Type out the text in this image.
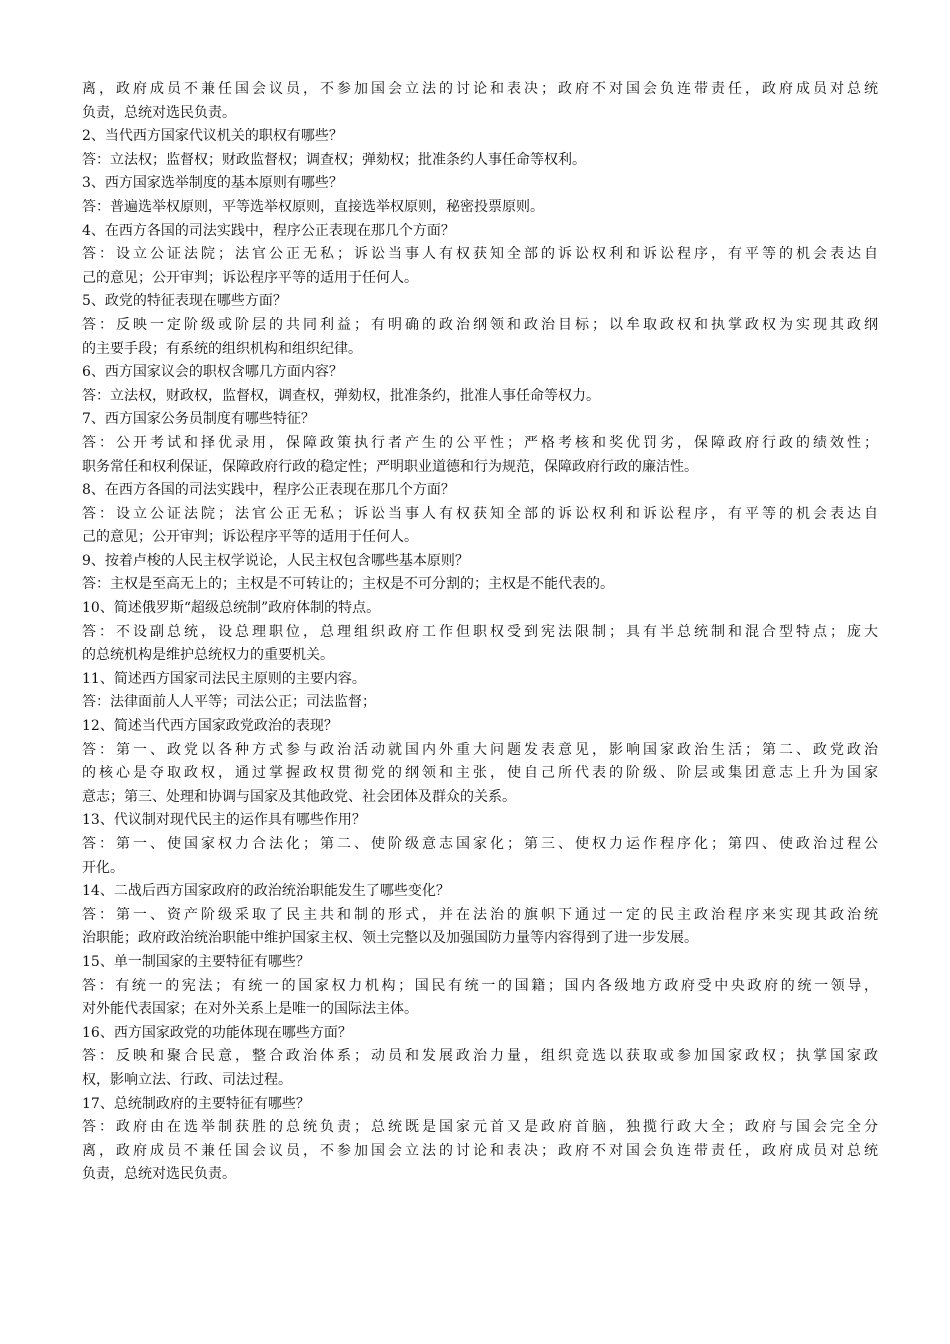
离，政府成员不兼任国会议员，不参加国会立法的讨论和表决；政府不对国会负连带责任，政府成员对总统
负责，总统对选民负责。
2、当代西方国家代议机关的职权有哪些？
答：立法权；监督权；财政监督权；调查权；弹劾权；批准条约人事任命等权利。
3、西方国家选举制度的基本原则有哪些？
答：普遍选举权原则，平等选举权原则，直接选举权原则，秘密投票原则。
4、在西方各国的司法实践中，程序公正表现在那几个方面？
答：设立公证法院；法官公正无私；诉讼当事人有权获知全部的诉讼权利和诉讼程序，有平等的机会表达自
己的意见；公开审判；诉讼程序平等的适用于任何人。
5、政党的特征表现在哪些方面？
答：反映一定阶级或阶层的共同利益；有明确的政治纲领和政治目标；以牟取政权和执掌政权为实现其政纲
的主要手段；有系统的组织机构和组织纪律。
6、西方国家议会的职权含哪几方面内容？
答：立法权，财政权，监督权，调查权，弹劾权，批准条约，批准人事任命等权力。
7、西方国家公务员制度有哪些特征？
答：公开考试和择优录用，保障政策执行者产生的公平性；严格考核和奖优罚劣，保障政府行政的绩效性；
职务常任和权利保证，保障政府行政的稳定性；严明职业道德和行为规范，保障政府行政的廉洁性。
8、在西方各国的司法实践中，程序公正表现在那几个方面？
答：设立公证法院；法官公正无私；诉讼当事人有权获知全部的诉讼权利和诉讼程序，有平等的机会表达自
己的意见；公开审判；诉讼程序平等的适用于任何人。
9、按着卢梭的人民主权学说论，人民主权包含哪些基本原则？
答：主权是至高无上的；主权是不可转让的；主权是不可分割的；主权是不能代表的。
10、简述俄罗斯“超级总统制”政府体制的特点。
答：不设副总统，设总理职位，总理组织政府工作但职权受到宪法限制；具有半总统制和混合型特点；庞大
的总统机构是维护总统权力的重要机关。
11、简述西方国家司法民主原则的主要内容。
答：法律面前人人平等；司法公正；司法监督；
12、简述当代西方国家政党政治的表现？
答：第一、政党以各种方式参与政治活动就国内外重大问题发表意见，影响国家政治生活；第二、政党政治
的核心是夺取政权，通过掌握政权贯彻党的纲领和主张，使自己所代表的阶级、阶层或集团意志上升为国家
意志；第三、处理和协调与国家及其他政党、社会团体及群众的关系。
13、代议制对现代民主的运作具有哪些作用？
答：第一、使国家权力合法化；第二、使阶级意志国家化；第三、使权力运作程序化；第四、使政治过程公
开化。
14、二战后西方国家政府的政治统治职能发生了哪些变化？
答：第一、资产阶级采取了民主共和制的形式，并在法治的旗帜下通过一定的民主政治程序来实现其政治统
治职能；政府政治统治职能中维护国家主权、领土完整以及加强国防力量等内容得到了进一步发展。
15、单一制国家的主要特征有哪些？
答：有统一的宪法；有统一的国家权力机构；国民有统一的国籍；国内各级地方政府受中央政府的统一领导，
对外能代表国家；在对外关系上是唯一的国际法主体。
16、西方国家政党的功能体现在哪些方面？
答：反映和聚合民意，整合政治体系；动员和发展政治力量，组织竞选以获取或参加国家政权；执掌国家政
权，影响立法、行政、司法过程。
17、总统制政府的主要特征有哪些？
答：政府由在选举制获胜的总统负责；总统既是国家元首又是政府首脑，独揽行政大全；政府与国会完全分
离，政府成员不兼任国会议员，不参加国会立法的讨论和表决；政府不对国会负连带责任，政府成员对总统
负责，总统对选民负责。
